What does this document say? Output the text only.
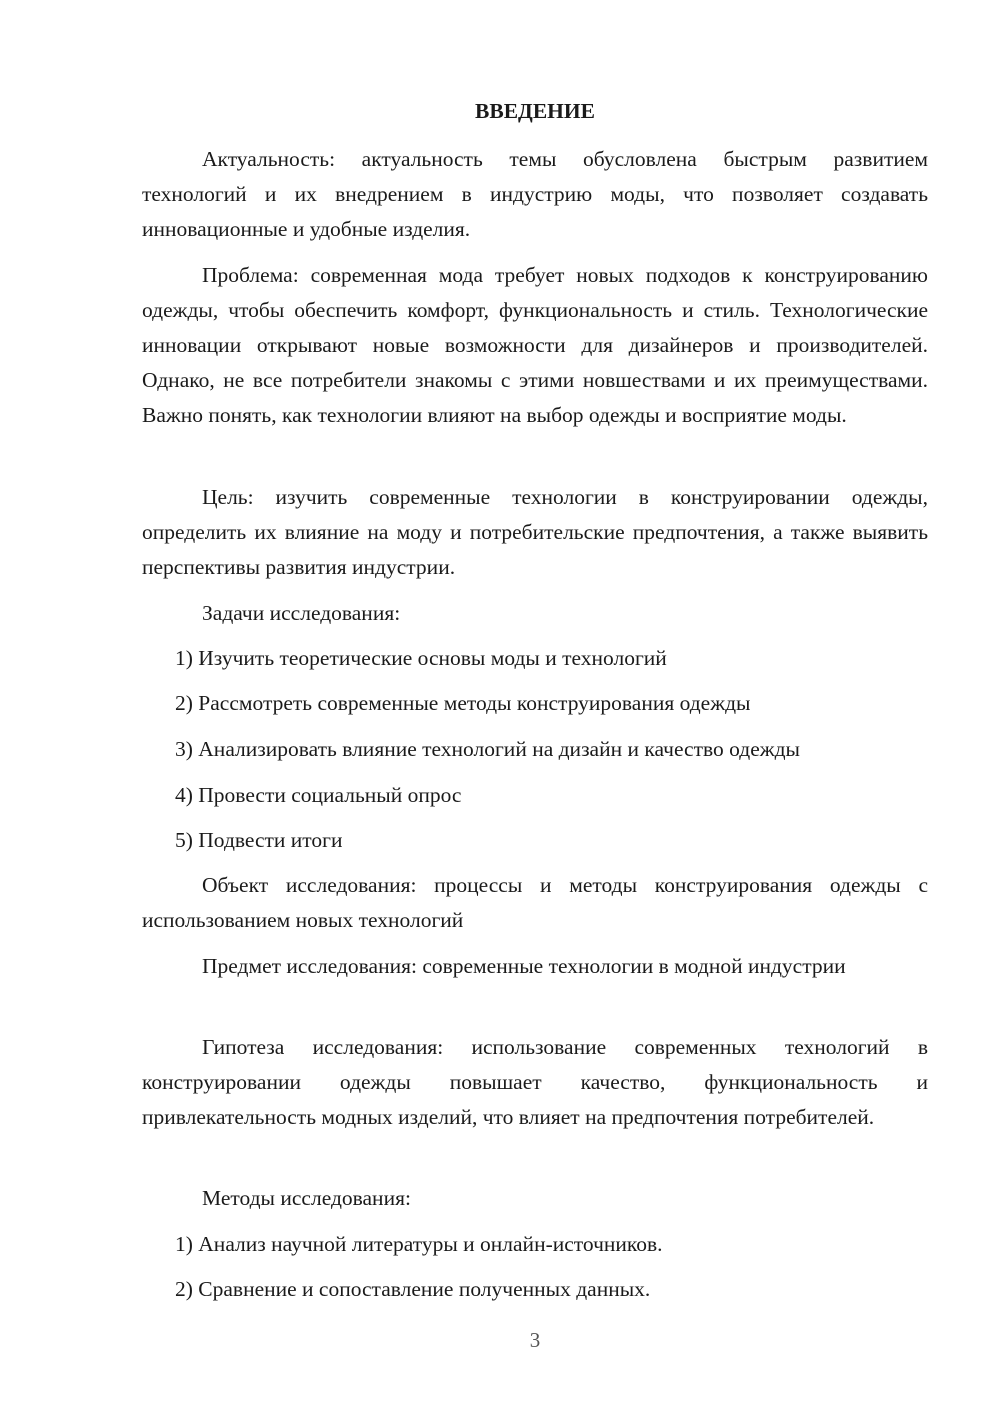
ВВЕДЕНИЕ

Актуальность: актуальность темы обусловлена быстрым развитием технологий и их внедрением в индустрию моды, что позволяет создавать инновационные и удобные изделия.

Проблема: современная мода требует новых подходов к конструированию одежды, чтобы обеспечить комфорт, функциональность и стиль. Технологические инновации открывают новые возможности для дизайнеров и производителей. Однако, не все потребители знакомы с этими новшествами и их преимуществами. Важно понять, как технологии влияют на выбор одежды и восприятие моды.

Цель: изучить современные технологии в конструировании одежды, определить их влияние на моду и потребительские предпочтения, а также выявить перспективы развития индустрии.

Задачи исследования:

1) Изучить теоретические основы моды и технологий

2) Рассмотреть современные методы конструирования одежды

3) Анализировать влияние технологий на дизайн и качество одежды

4) Провести социальный опрос

5) Подвести итоги

Объект исследования: процессы и методы конструирования одежды с использованием новых технологий

Предмет исследования: современные технологии в модной индустрии

Гипотеза исследования: использование современных технологий в конструировании одежды повышает качество, функциональность и привлекательность модных изделий, что влияет на предпочтения потребителей.

Методы исследования:

1) Анализ научной литературы и онлайн-источников.

2) Сравнение и сопоставление полученных данных.

3
